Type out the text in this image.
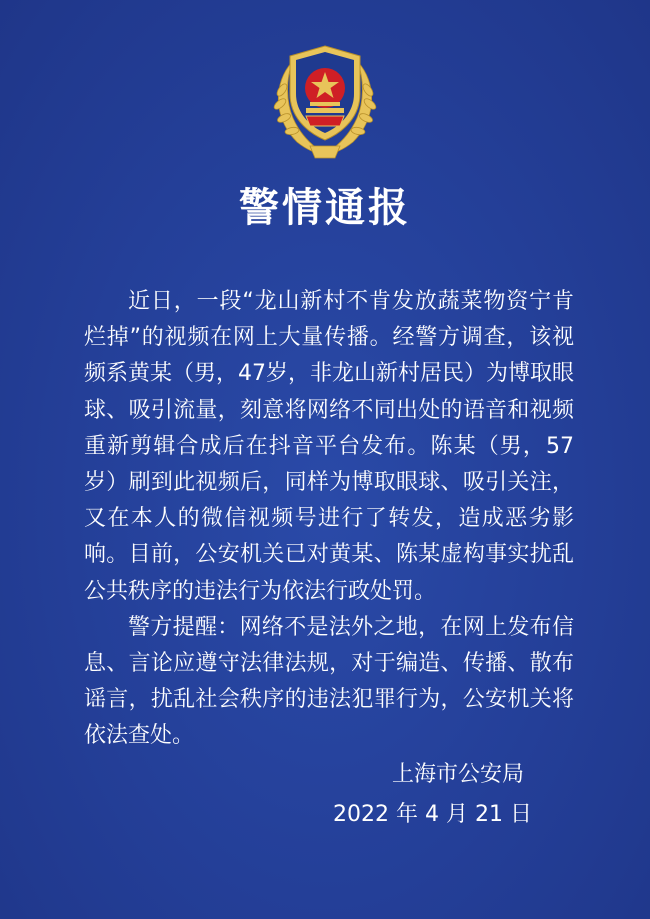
警情通报

近日，一段“龙山新村不肯发放蔬菜物资宁肯烂掉”的视频在网上大量传播。经警方调查，该视频系黄某（男，47岁，非龙山新村居民）为博取眼球、吸引流量，刻意将网络不同出处的语音和视频重新剪辑合成后在抖音平台发布。陈某（男，57岁）刷到此视频后，同样为博取眼球、吸引关注，又在本人的微信视频号进行了转发，造成恶劣影响。目前，公安机关已对黄某、陈某虚构事实扰乱公共秩序的违法行为依法行政处罚。

警方提醒：网络不是法外之地，在网上发布信息、言论应遵守法律法规，对于编造、传播、散布谣言，扰乱社会秩序的违法犯罪行为，公安机关将依法查处。

上海市公安局
2022 年 4 月 21 日
